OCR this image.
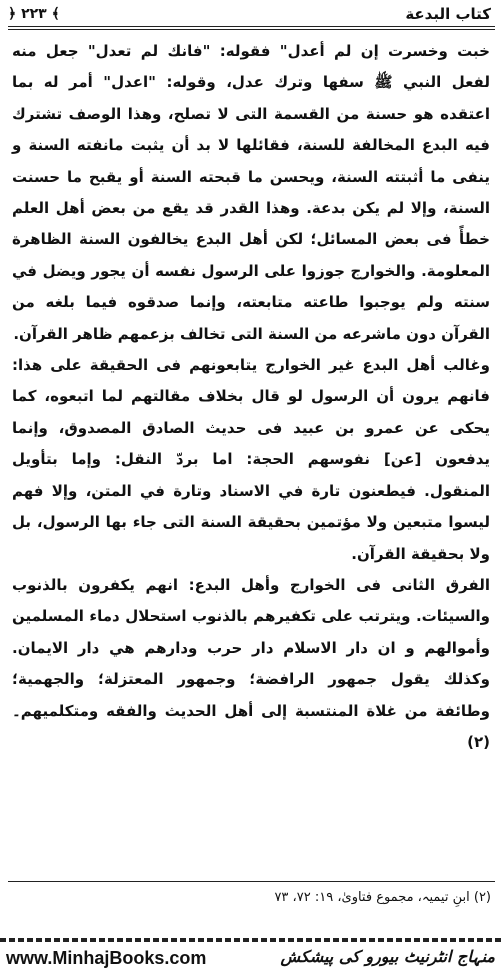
﴿ ۲۲۳ ﴾	کتاب البدعة

خبت وخسرت إن لم أعدل" فقوله: "فانك لم تعدل" جعل منه لفعل النبي ﷺ سفها وترك عدل، وقوله: "اعدل" أمر له بما اعتقده هو حسنة من القسمة التى لا تصلح، وهذا الوصف تشترك فيه البدع المخالفة للسنة، فقائلها لا بد أن يثبت مانفته السنة و ينفى ما أثبتته السنة، ويحسن ما قبحته السنة أو يقبح ما حسنت السنة، وإلا لم يكن بدعة. وهذا القدر قد يقع من بعض أهل العلم خطأً فى بعض المسائل؛ لكن أهل البدع يخالفون السنة الظاهرة المعلومة. والخوارج جوزوا على الرسول نفسه أن يجور ويضل في سنته ولم يوجبوا طاعته متابعته، وإنما صدقوه فيما بلغه من القرآن دون ماشرعه من السنة التى تخالف بزعمهم ظاهر القرآن.

وغالب أهل البدع غير الخوارج يتابعونهم فى الحقيقة على هذا: فانهم يرون أن الرسول لو قال بخلاف مقالتهم لما اتبعوه، كما يحكى عن عمرو بن عبيد فى حديث الصادق المصدوق، وإنما يدفعون [عن] نفوسهم الحجة: اما بردّ النقل: وإما بتأويل المنقول. فيطعنون تارة في الاسناد وتارة في المتن، وإلا فهم ليسوا متبعين ولا مؤتمين بحقيقة السنة التى جاء بها الرسول، بل ولا بحقيقة القرآن.

الفرق الثانى فى الخوارج وأهل البدع: انهم يكفرون بالذنوب والسيئات. ويترتب على تكفيرهم بالذنوب استحلال دماء المسلمين وأموالهم و ان دار الاسلام دار حرب ودارهم هي دار الايمان. وكذلك يقول جمهور الرافضة؛ وجمهور المعتزلة؛ والجهمية؛ وطائفة من غلاة المنتسبة إلى أهل الحديث والفقه ومتكلميهم۔(۲)

(۲) ابنِ تیمیہ، مجموع فتاویٰ، ۱۹: ۷۲، ۷۳
www.MinhajBooks.com	منہاج انٹرنیٹ بیورو کی پیشکش
